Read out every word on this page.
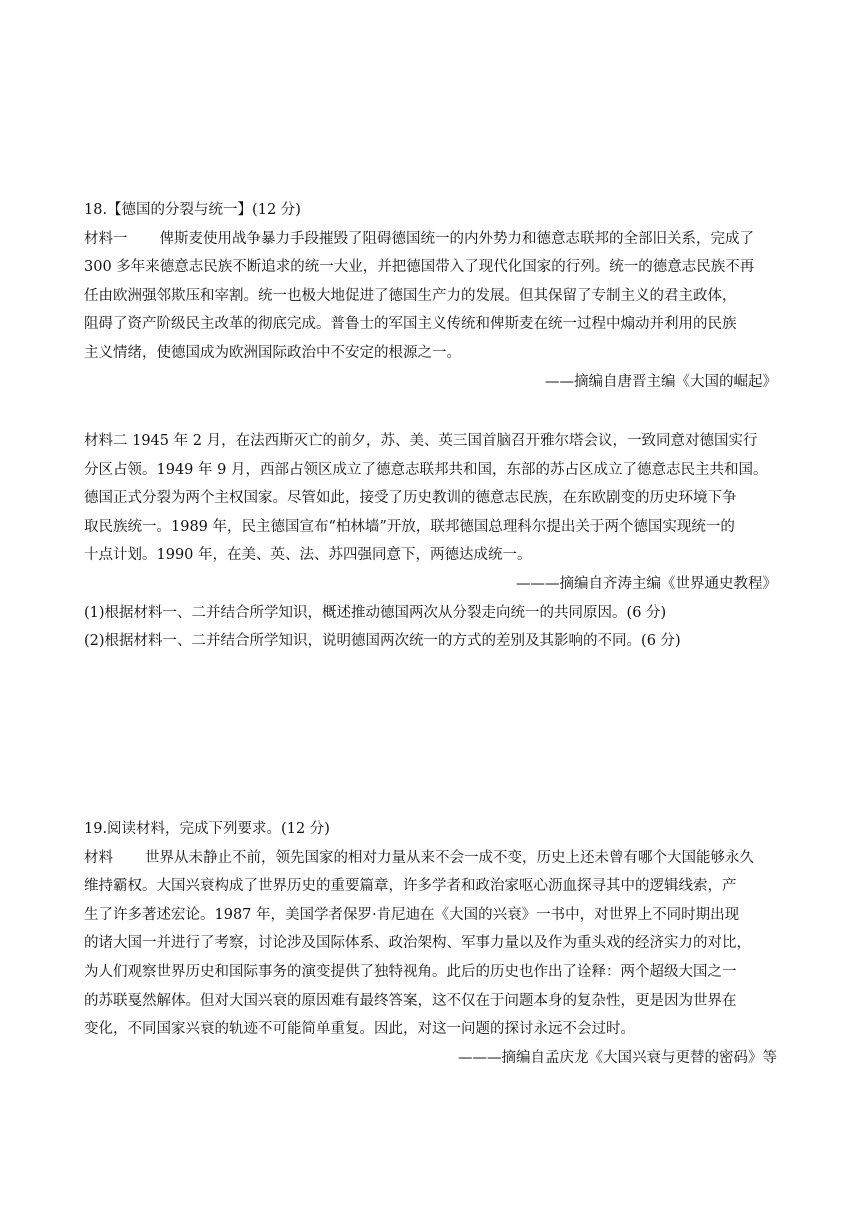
18.【德国的分裂与统一】(12 分)
材料一 俾斯麦使用战争暴力手段摧毁了阻碍德国统一的内外势力和德意志联邦的全部旧关系，完成了
300 多年来德意志民族不断追求的统一大业，并把德国带入了现代化国家的行列。统一的德意志民族不再
任由欧洲强邻欺压和宰割。统一也极大地促进了德国生产力的发展。但其保留了专制主义的君主政体，
阻碍了资产阶级民主改革的彻底完成。普鲁士的军国主义传统和俾斯麦在统一过程中煽动并利用的民族
主义情绪，使德国成为欧洲国际政治中不安定的根源之一。
——摘编自唐晋主编《大国的崛起》
材料二 1945 年 2 月，在法西斯灭亡的前夕，苏、美、英三国首脑召开雅尔塔会议，一致同意对德国实行
分区占领。1949 年 9 月，西部占领区成立了德意志联邦共和国，东部的苏占区成立了德意志民主共和国。
德国正式分裂为两个主权国家。尽管如此，接受了历史教训的德意志民族，在东欧剧变的历史环境下争
取民族统一。1989 年，民主德国宣布“柏林墙”开放，联邦德国总理科尔提出关于两个德国实现统一的
十点计划。1990 年，在美、英、法、苏四强同意下，两德达成统一。
———摘编自齐涛主编《世界通史教程》
(1)根据材料一、二并结合所学知识，概述推动德国两次从分裂走向统一的共同原因。(6 分)
(2)根据材料一、二并结合所学知识，说明德国两次统一的方式的差别及其影响的不同。(6 分)
19.阅读材料，完成下列要求。(12 分)
材料 世界从未静止不前，领先国家的相对力量从来不会一成不变，历史上还未曾有哪个大国能够永久
维持霸权。大国兴衰构成了世界历史的重要篇章，许多学者和政治家呕心沥血探寻其中的逻辑线索，产
生了许多著述宏论。1987 年，美国学者保罗·肯尼迪在《大国的兴衰》一书中，对世界上不同时期出现
的诸大国一并进行了考察，讨论涉及国际体系、政治架构、军事力量以及作为重头戏的经济实力的对比，
为人们观察世界历史和国际事务的演变提供了独特视角。此后的历史也作出了诠释：两个超级大国之一
的苏联戛然解体。但对大国兴衰的原因难有最终答案，这不仅在于问题本身的复杂性，更是因为世界在
变化，不同国家兴衰的轨迹不可能简单重复。因此，对这一问题的探讨永远不会过时。
———摘编自孟庆龙《大国兴衰与更替的密码》等
